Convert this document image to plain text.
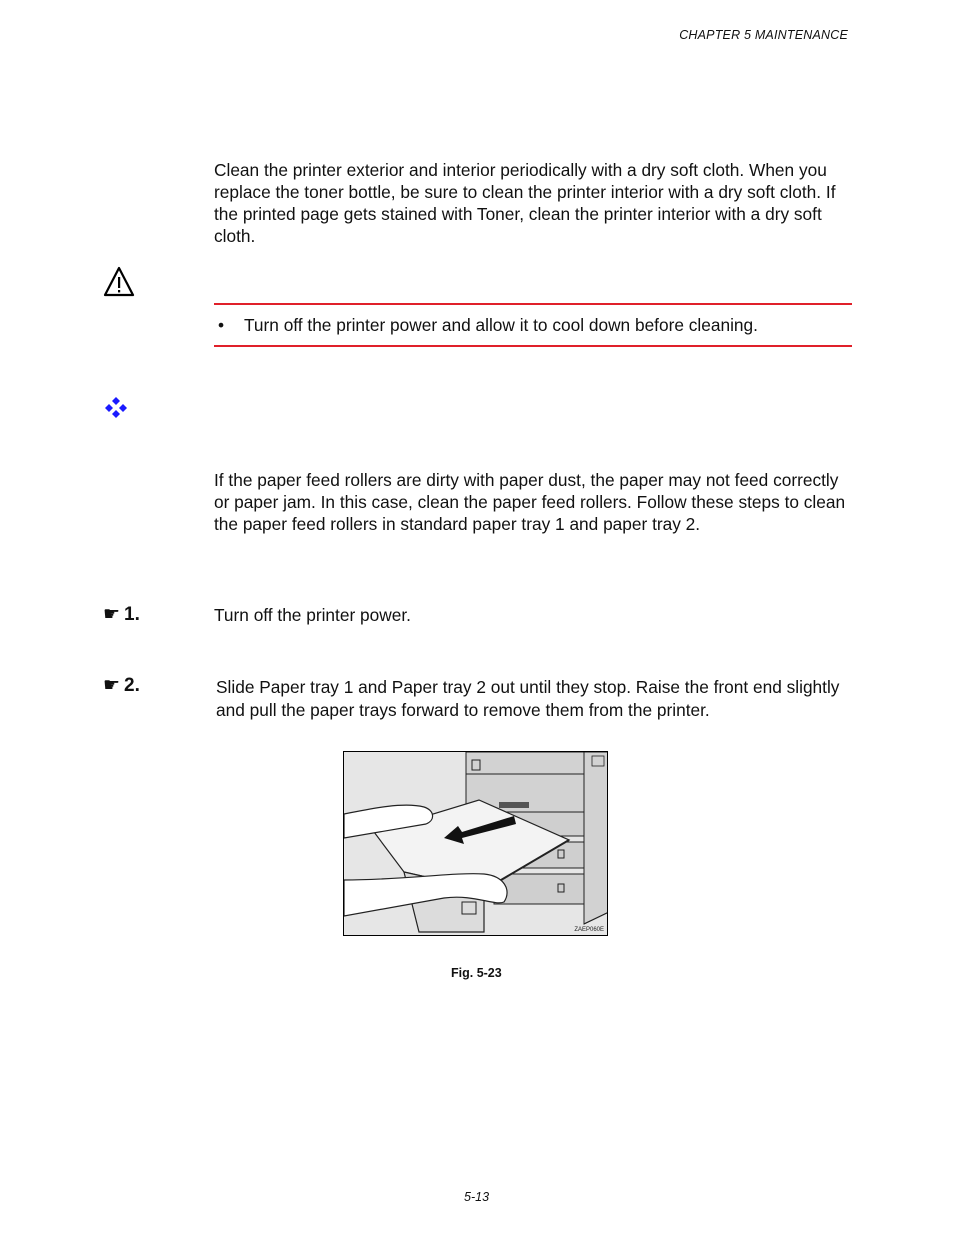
CHAPTER 5 MAINTENANCE
Clean the printer exterior and interior periodically with a dry soft cloth. When you replace the toner bottle, be sure to clean the printer interior with a dry soft cloth. If the printed page gets stained with Toner, clean the printer interior with a dry soft cloth.
• Turn off the printer power and allow it to cool down before cleaning.
If the paper feed rollers are dirty with paper dust, the paper may not feed correctly or paper jam. In this case, clean the paper feed rollers. Follow these steps to clean the paper feed rollers in standard paper tray 1 and paper tray 2.
☛ 1.	Turn off the printer power.
☛ 2.	Slide Paper tray 1 and Paper tray 2 out until they stop. Raise the front end slightly and pull the paper trays forward to remove them from the printer.
ZAEP060E
Fig. 5-23
5-13
